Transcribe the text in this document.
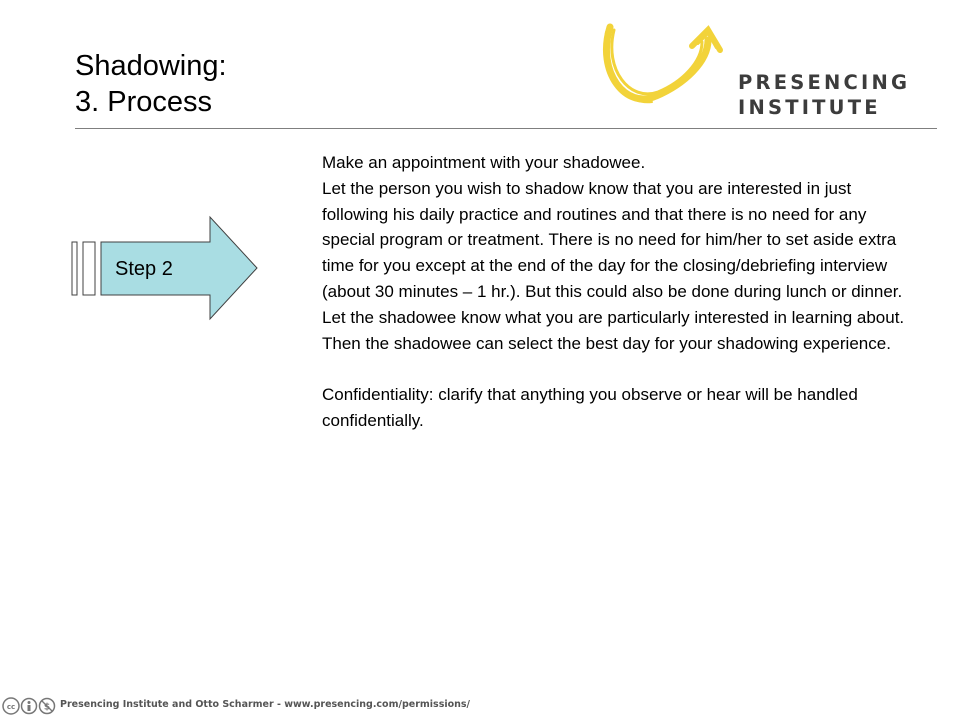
Shadowing:
3. Process
PRESENCING
INSTITUTE
Step 2

Make an appointment with your shadowee.

Let the person you wish to shadow know that you are interested in just following his daily practice and routines and that there is no need for any special program or treatment. There is no need for him/her to set aside extra time for you except at the end of the day for the closing/debriefing interview (about 30 minutes – 1 hr.). But this could also be done during lunch or dinner. Let the shadowee know what you are particularly interested in learning about. Then the shadowee can select the best day for your shadowing experience.

Confidentiality: clarify that anything you observe or hear will be handled confidentially.

cc	$ Presencing Institute and Otto Scharmer - www.presencing.com/permissions/
